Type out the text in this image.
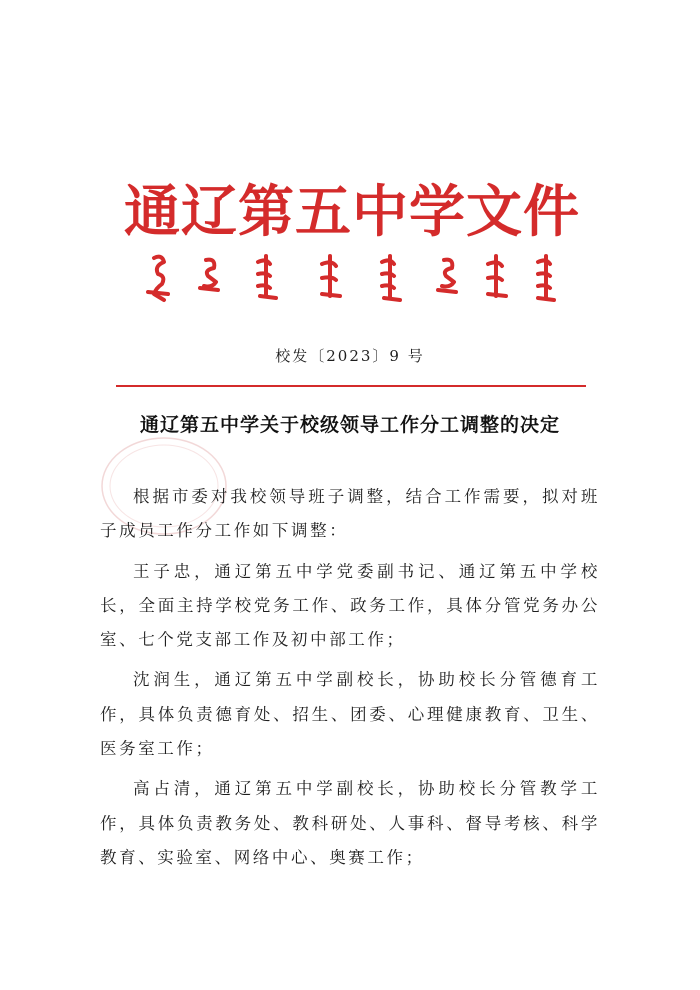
通辽第五中学文件
校发〔2023〕9 号
通辽第五中学关于校级领导工作分工调整的决定

根据市委对我校领导班子调整，结合工作需要，拟对班子成员工作分工作如下调整：

王子忠，通辽第五中学党委副书记、通辽第五中学校长，全面主持学校党务工作、政务工作，具体分管党务办公室、七个党支部工作及初中部工作；

沈润生，通辽第五中学副校长，协助校长分管德育工作，具体负责德育处、招生、团委、心理健康教育、卫生、医务室工作；

高占清，通辽第五中学副校长，协助校长分管教学工作，具体负责教务处、教科研处、人事科、督导考核、科学教育、实验室、网络中心、奥赛工作；
